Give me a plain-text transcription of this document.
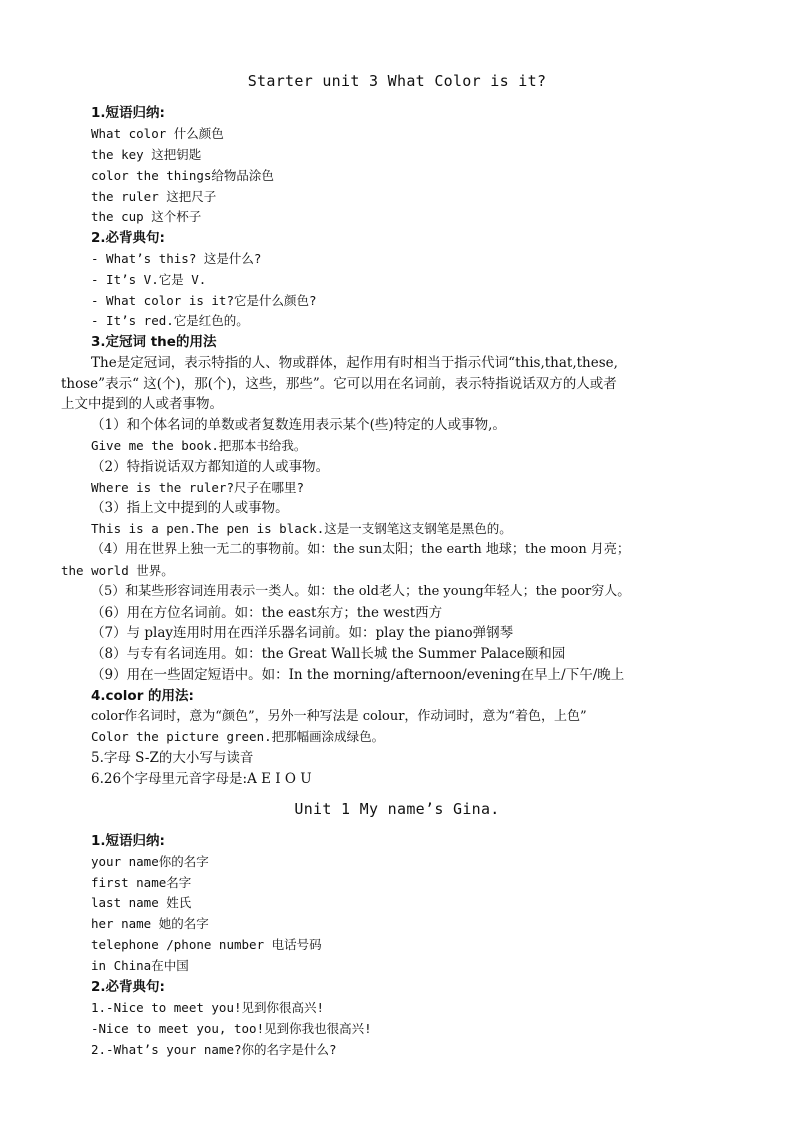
Starter unit 3 What Color is it?
1.短语归纳:
What color 什么颜色
the key 这把钥匙
color the things给物品涂色
the ruler 这把尺子
the cup 这个杯子
2.必背典句:
- What’s this? 这是什么?
- It’s V.它是 V.
- What color is it?它是什么颜色?
- It’s red.它是红色的。
3.定冠词 the的用法
The是定冠词，表示特指的人、物或群体，起作用有时相当于指示代词“this,that,these,
those”表示“ 这(个)，那(个)，这些，那些”。它可以用在名词前，表示特指说话双方的人或者
上文中提到的人或者事物。
（1）和个体名词的单数或者复数连用表示某个(些)特定的人或事物,。
Give me the book.把那本书给我。
（2）特指说话双方都知道的人或事物。
Where is the ruler?尺子在哪里?
（3）指上文中提到的人或事物。
This is a pen.The pen is black.这是一支钢笔这支钢笔是黑色的。
（4）用在世界上独一无二的事物前。如：the sun太阳；the earth 地球；the moon 月亮；
the world 世界。
（5）和某些形容词连用表示一类人。如：the old老人；the young年轻人；the poor穷人。
（6）用在方位名词前。如：the east东方；the west西方
（7）与 play连用时用在西洋乐器名词前。如：play the piano弹钢琴
（8）与专有名词连用。如：the Great Wall长城 the Summer Palace颐和园
（9）用在一些固定短语中。如：In the morning/afternoon/evening在早上/下午/晚上
4.color 的用法:
color作名词时，意为“颜色”，另外一种写法是 colour，作动词时，意为“着色，上色”
Color the picture green.把那幅画涂成绿色。
5.字母 S-Z的大小写与读音
6.26个字母里元音字母是:A E I O U
Unit 1 My name’s Gina.
1.短语归纳:
your name你的名字
first name名字
last name 姓氏
her name 她的名字
telephone /phone number 电话号码
in China在中国
2.必背典句:
1.-Nice to meet you!见到你很高兴!
-Nice to meet you, too!见到你我也很高兴!
2.-What’s your name?你的名字是什么?
